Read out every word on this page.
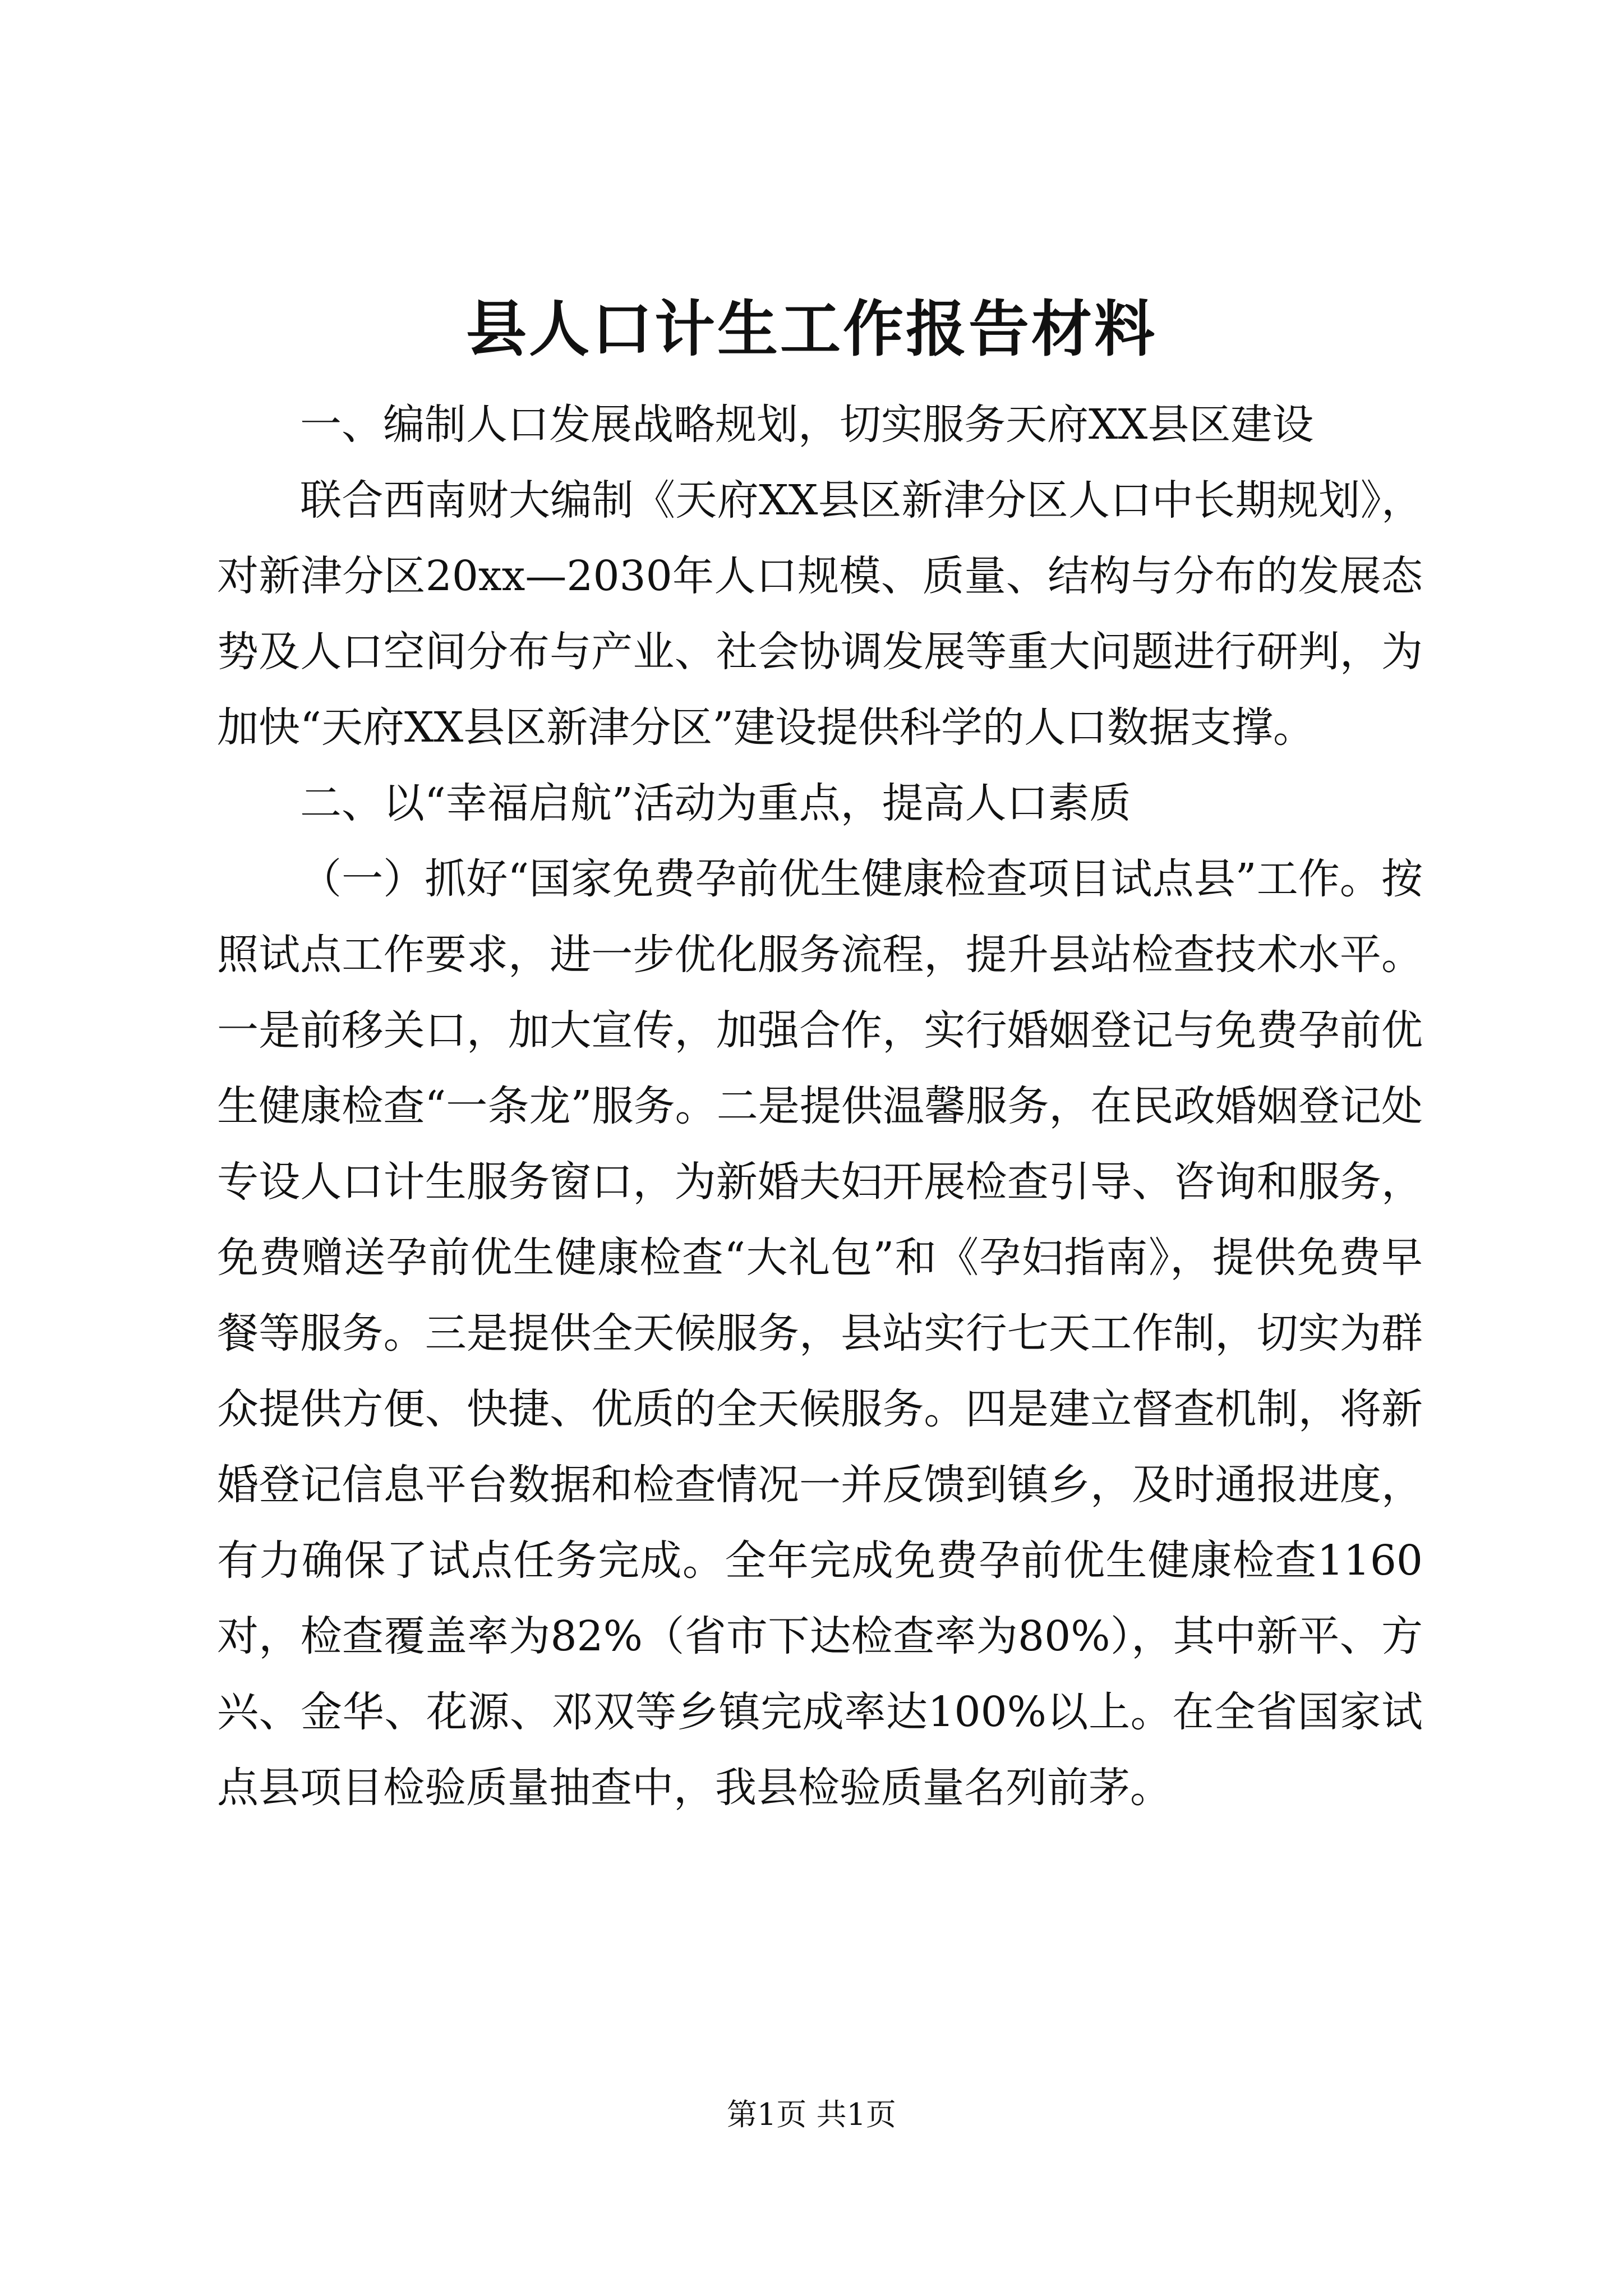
县人口计生工作报告材料

一、编制人口发展战略规划，切实服务天府XX县区建设

联合西南财大编制《天府XX县区新津分区人口中长期规划》，对新津分区20xx—2030年人口规模、质量、结构与分布的发展态势及人口空间分布与产业、社会协调发展等重大问题进行研判，为加快“天府XX县区新津分区”建设提供科学的人口数据支撑。

二、以“幸福启航”活动为重点，提高人口素质

（一）抓好“国家免费孕前优生健康检查项目试点县”工作。按照试点工作要求，进一步优化服务流程，提升县站检查技术水平。一是前移关口，加大宣传，加强合作，实行婚姻登记与免费孕前优生健康检查“一条龙”服务。二是提供温馨服务，在民政婚姻登记处专设人口计生服务窗口，为新婚夫妇开展检查引导、咨询和服务，免费赠送孕前优生健康检查“大礼包”和《孕妇指南》，提供免费早餐等服务。三是提供全天候服务，县站实行七天工作制，切实为群众提供方便、快捷、优质的全天候服务。四是建立督查机制，将新婚登记信息平台数据和检查情况一并反馈到镇乡，及时通报进度，有力确保了试点任务完成。全年完成免费孕前优生健康检查1160对，检查覆盖率为82%（省市下达检查率为80%），其中新平、方兴、金华、花源、邓双等乡镇完成率达100%以上。在全省国家试点县项目检验质量抽查中，我县检验质量名列前茅。

第1页 共1页
